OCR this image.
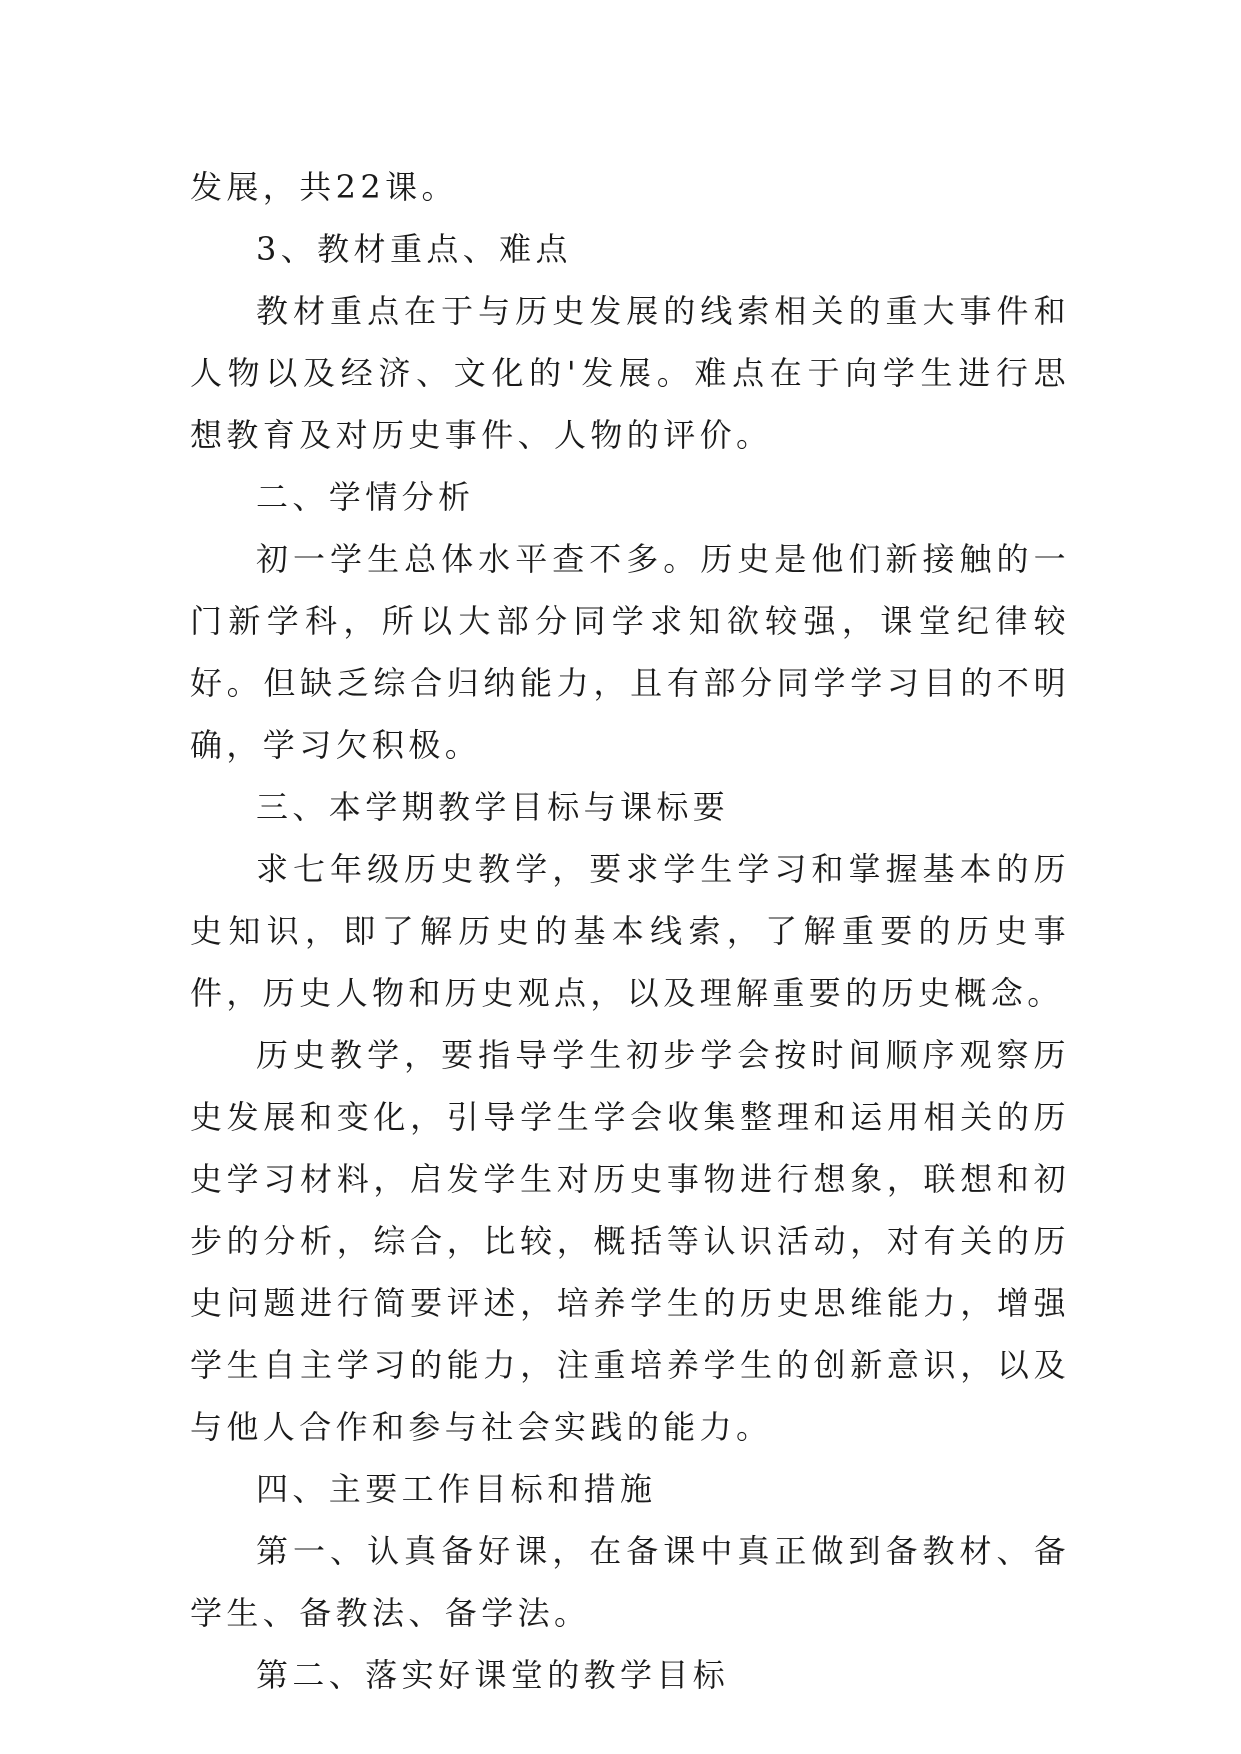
发展，共22课。

3、教材重点、难点

教材重点在于与历史发展的线索相关的重大事件和人物以及经济、文化的'发展。难点在于向学生进行思想教育及对历史事件、人物的评价。

二、学情分析

初一学生总体水平查不多。历史是他们新接触的一门新学科，所以大部分同学求知欲较强，课堂纪律较好。但缺乏综合归纳能力，且有部分同学学习目的不明确，学习欠积极。

三、本学期教学目标与课标要

求七年级历史教学，要求学生学习和掌握基本的历史知识，即了解历史的基本线索，了解重要的历史事件，历史人物和历史观点，以及理解重要的历史概念。

历史教学，要指导学生初步学会按时间顺序观察历史发展和变化，引导学生学会收集整理和运用相关的历史学习材料，启发学生对历史事物进行想象，联想和初步的分析，综合，比较，概括等认识活动，对有关的历史问题进行简要评述，培养学生的历史思维能力，增强学生自主学习的能力，注重培养学生的创新意识，以及与他人合作和参与社会实践的能力。

四、主要工作目标和措施

第一、认真备好课，在备课中真正做到备教材、备学生、备教法、备学法。

第二、落实好课堂的教学目标
